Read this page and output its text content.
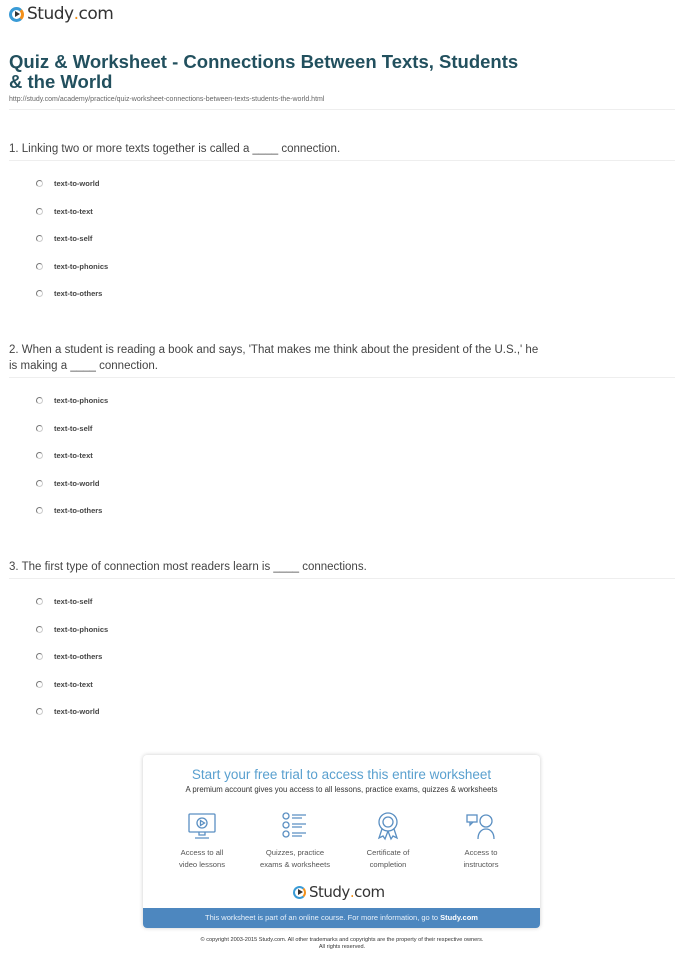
Study . com
Quiz & Worksheet - Connections Between Texts, Students & the World
http://study.com/academy/practice/quiz-worksheet-connections-between-texts-students-the-world.html
1. Linking two or more texts together is called a ____ connection.
text-to-world
text-to-text
text-to-self
text-to-phonics
text-to-others
2. When a student is reading a book and says, 'That makes me think about the president of the U.S.,' he is making a ____ connection.
text-to-phonics
text-to-self
text-to-text
text-to-world
text-to-others
3. The first type of connection most readers learn is ____ connections.
text-to-self
text-to-phonics
text-to-others
text-to-text
text-to-world
Start your free trial to access this entire worksheet
A premium account gives you access to all lessons, practice exams, quizzes & worksheets
Access to all
video lessons
Quizzes, practice
exams & worksheets
Certificate of
completion
Access to
instructors
Study . com
This worksheet is part of an online course. For more information, go to Study.com
© copyright 2003-2015 Study.com. All other trademarks and copyrights are the property of their respective owners.
All rights reserved.
